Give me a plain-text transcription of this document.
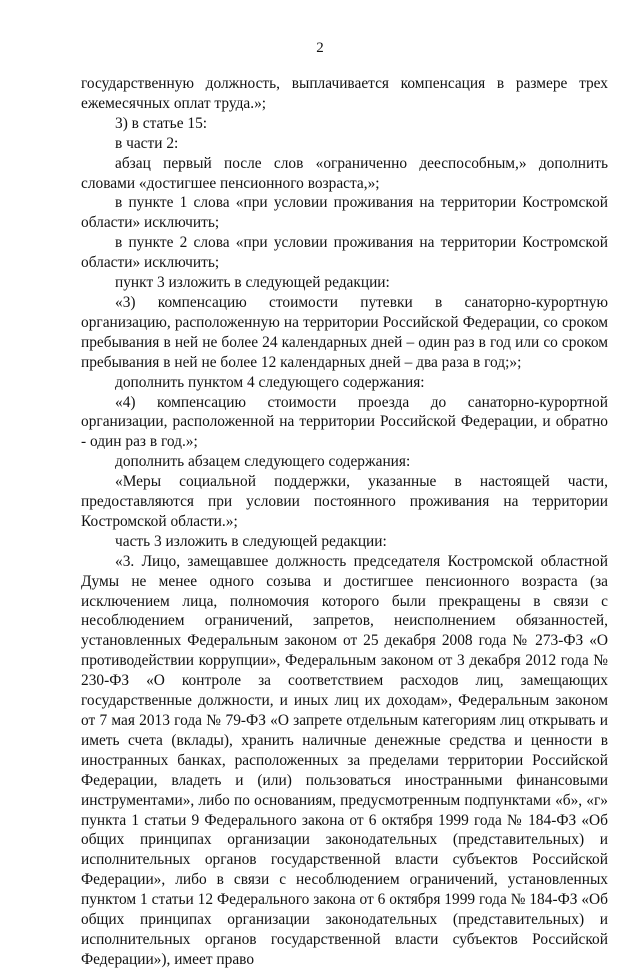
2

государственную должность, выплачивается компенсация в размере трех ежемесячных оплат труда.»;

3) в статье 15:

в части 2:

абзац первый после слов «ограниченно дееспособным,» дополнить словами «достигшее пенсионного возраста,»;

в пункте 1 слова «при условии проживания на территории Костромской области» исключить;

в пункте 2 слова «при условии проживания на территории Костромской области» исключить;

пункт 3 изложить в следующей редакции:

«3) компенсацию стоимости путевки в санаторно-курортную организацию, расположенную на территории Российской Федерации, со сроком пребывания в ней не более 24 календарных дней – один раз в год или со сроком пребывания в ней не более 12 календарных дней – два раза в год;»;

дополнить пунктом 4 следующего содержания:

«4) компенсацию стоимости проезда до санаторно-курортной организации, расположенной на территории Российской Федерации, и обратно - один раз в год.»;

дополнить абзацем следующего содержания:

«Меры социальной поддержки, указанные в настоящей части, предоставляются при условии постоянного проживания на территории Костромской области.»;

часть 3 изложить в следующей редакции:

«3. Лицо, замещавшее должность председателя Костромской областной Думы не менее одного созыва и достигшее пенсионного возраста (за исключением лица, полномочия которого были прекращены в связи с несоблюдением ограничений, запретов, неисполнением обязанностей, установленных Федеральным законом от 25 декабря 2008 года № 273-ФЗ «О противодействии коррупции», Федеральным законом от 3 декабря 2012 года № 230-ФЗ «О контроле за соответствием расходов лиц, замещающих государственные должности, и иных лиц их доходам», Федеральным законом от 7 мая 2013 года № 79-ФЗ «О запрете отдельным категориям лиц открывать и иметь счета (вклады), хранить наличные денежные средства и ценности в иностранных банках, расположенных за пределами территории Российской Федерации, владеть и (или) пользоваться иностранными финансовыми инструментами», либо по основаниям, предусмотренным подпунктами «б», «г» пункта 1 статьи 9 Федерального закона от 6 октября 1999 года № 184-ФЗ «Об общих принципах организации законодательных (представительных) и исполнительных органов государственной власти субъектов Российской Федерации», либо в связи с несоблюдением ограничений, установленных пунктом 1 статьи 12 Федерального закона от 6 октября 1999 года № 184-ФЗ «Об общих принципах организации законодательных (представительных) и исполнительных органов государственной власти субъектов Российской Федерации»), имеет право
